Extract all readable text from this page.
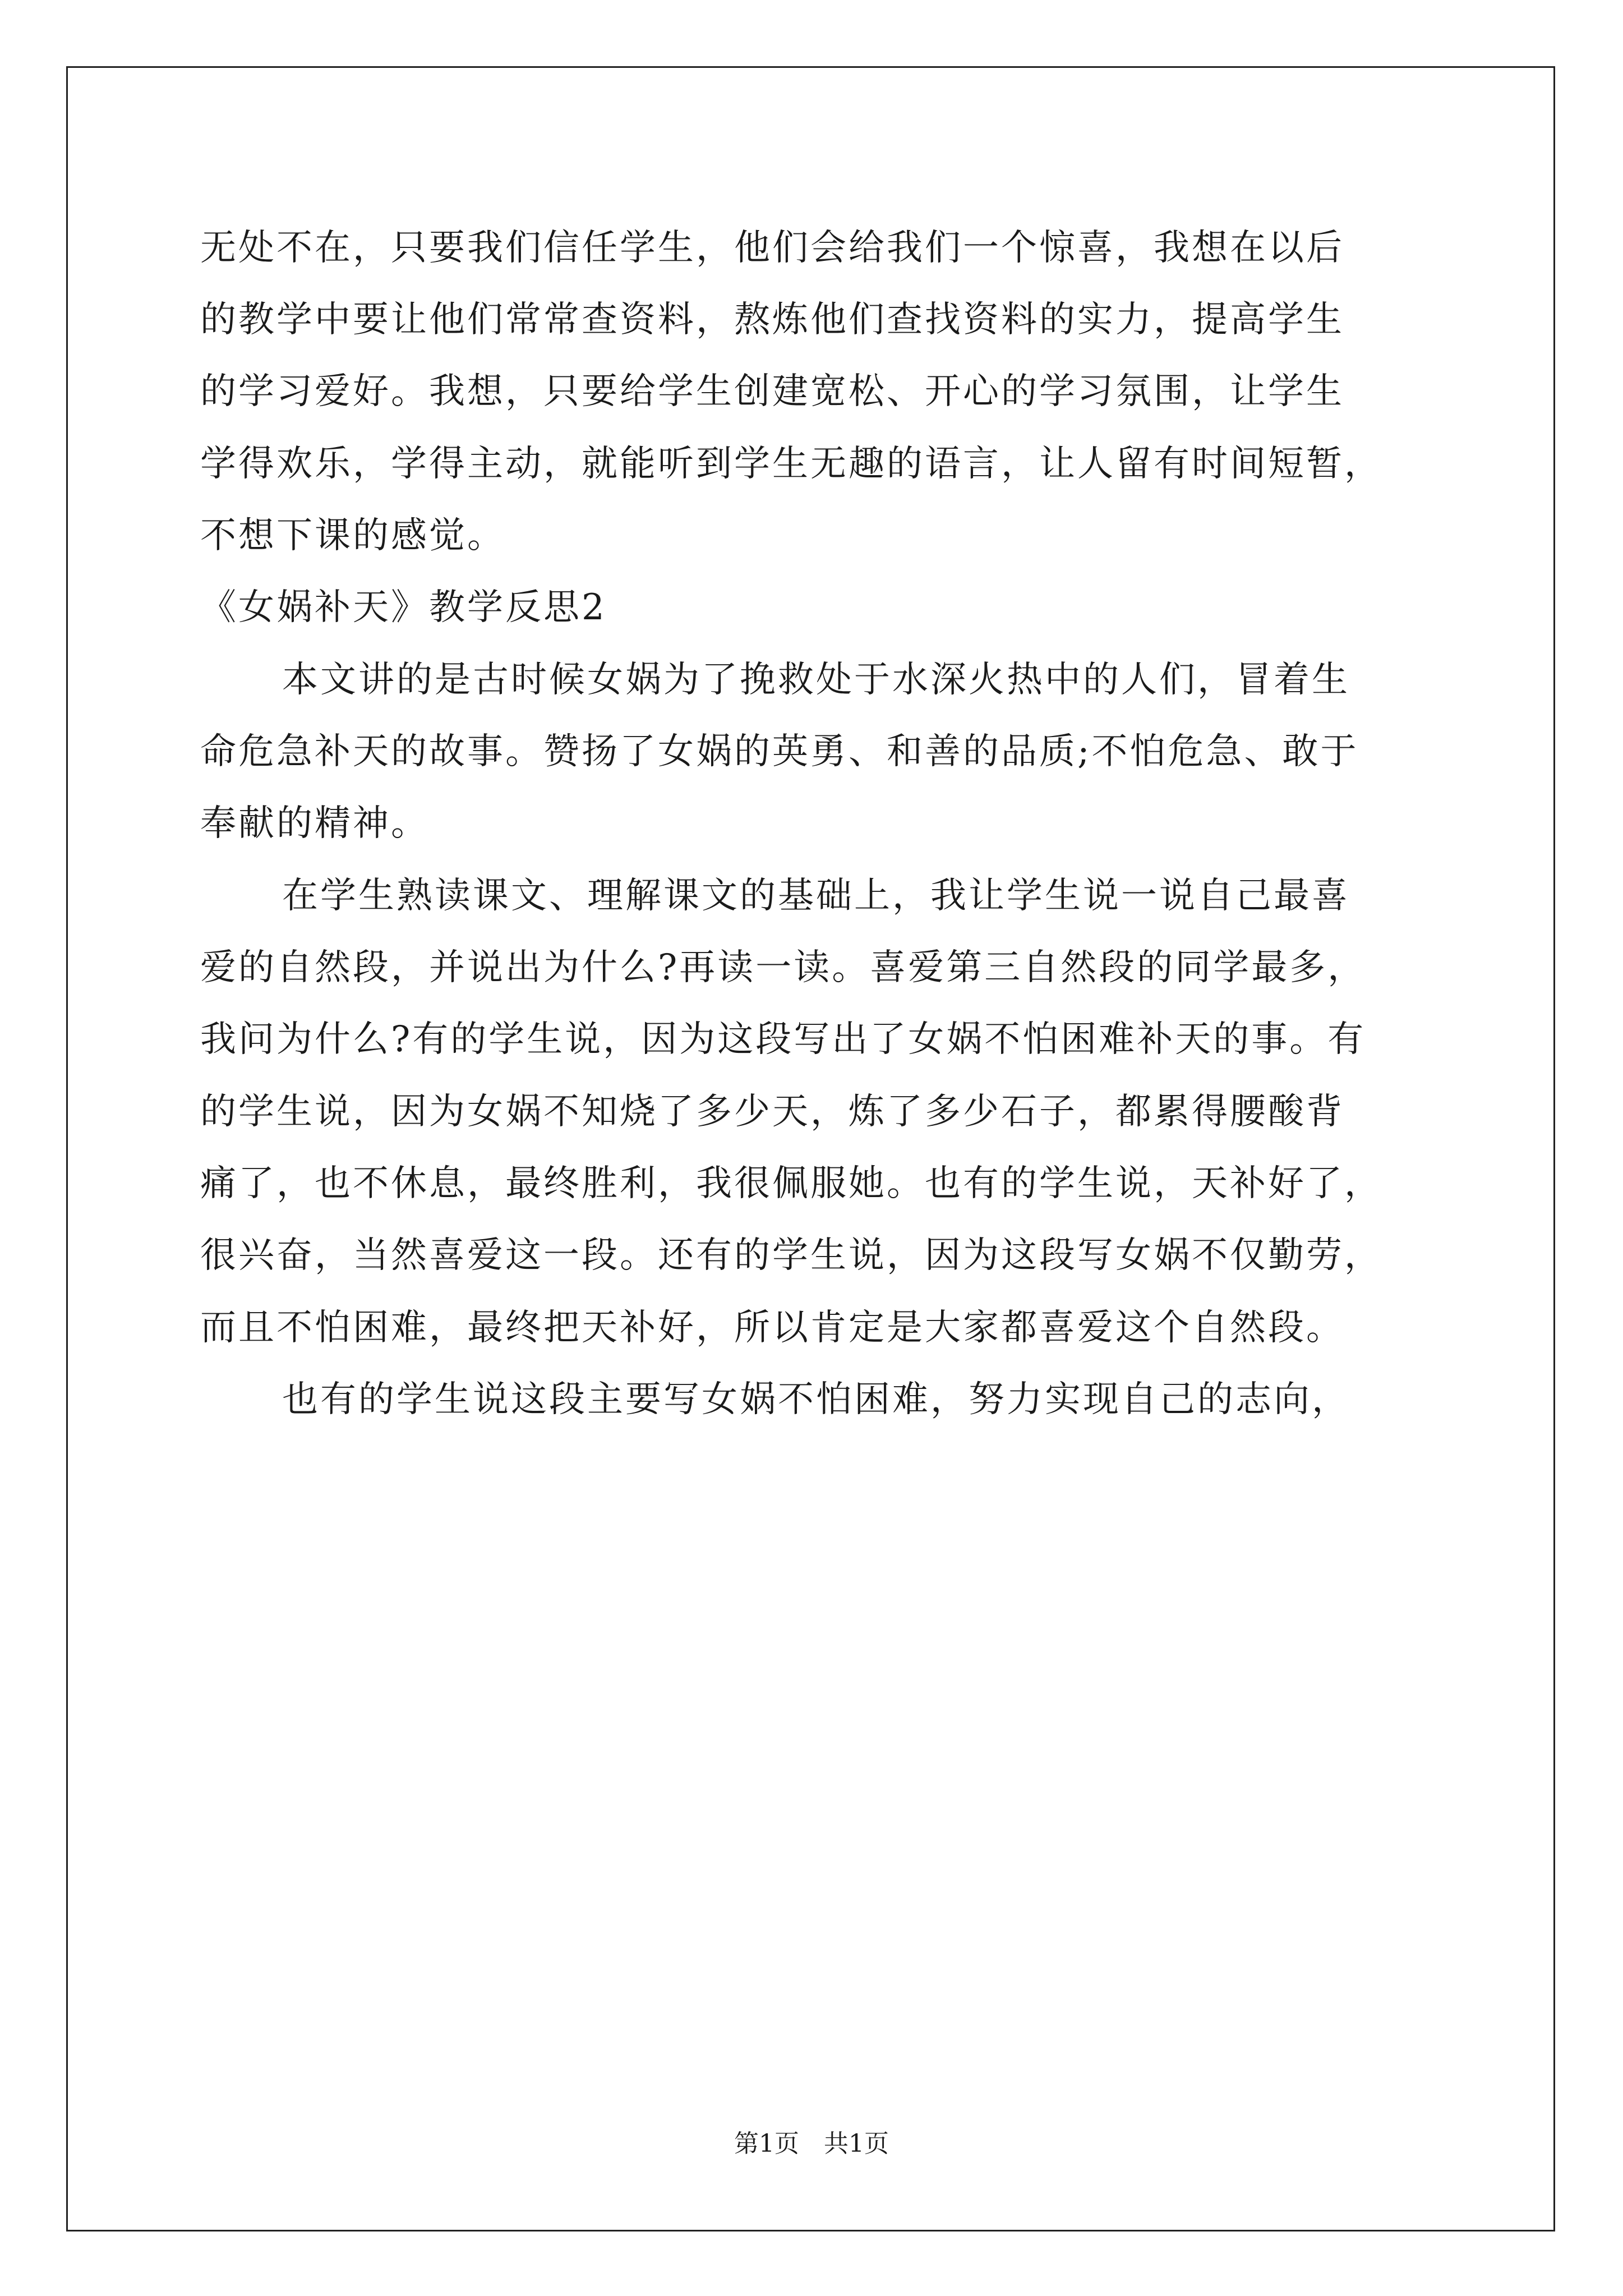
无处不在，只要我们信任学生，他们会给我们一个惊喜，我想在以后
的教学中要让他们常常查资料，熬炼他们查找资料的实力，提高学生
的学习爱好。我想，只要给学生创建宽松、开心的学习氛围，让学生
学得欢乐，学得主动，就能听到学生无趣的语言，让人留有时间短暂，
不想下课的感觉。
《女娲补天》教学反思2
本文讲的是古时候女娲为了挽救处于水深火热中的人们，冒着生
命危急补天的故事。赞扬了女娲的英勇、和善的品质;不怕危急、敢于
奉献的精神。
在学生熟读课文、理解课文的基础上，我让学生说一说自己最喜
爱的自然段，并说出为什么?再读一读。喜爱第三自然段的同学最多，
我问为什么?有的学生说，因为这段写出了女娲不怕困难补天的事。有
的学生说，因为女娲不知烧了多少天，炼了多少石子，都累得腰酸背
痛了，也不休息，最终胜利，我很佩服她。也有的学生说，天补好了，
很兴奋，当然喜爱这一段。还有的学生说，因为这段写女娲不仅勤劳，
而且不怕困难，最终把天补好，所以肯定是大家都喜爱这个自然段。
也有的学生说这段主要写女娲不怕困难，努力实现自己的志向，
第1页　共1页
